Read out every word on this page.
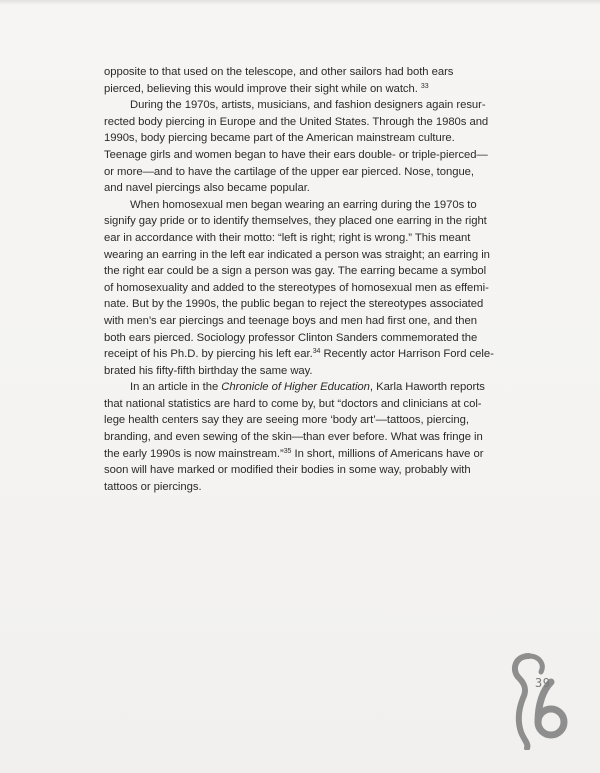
opposite to that used on the telescope, and other sailors had both ears
pierced, believing this would improve their sight while on watch. $^{33}$

During the 1970s, artists, musicians, and fashion designers again resur-
rected body piercing in Europe and the United States. Through the 1980s and
1990s, body piercing became part of the American mainstream culture.
Teenage girls and women began to have their ears double- or triple-pierced—
or more—and to have the cartilage of the upper ear pierced. Nose, tongue,
and navel piercings also became popular.

When homosexual men began wearing an earring during the 1970s to
signify gay pride or to identify themselves, they placed one earring in the right
ear in accordance with their motto: “left is right; right is wrong.” This meant
wearing an earring in the left ear indicated a person was straight; an earring in
the right ear could be a sign a person was gay. The earring became a symbol
of homosexuality and added to the stereotypes of homosexual men as effemi-
nate. But by the 1990s, the public began to reject the stereotypes associated
with men’s ear piercings and teenage boys and men had first one, and then
both ears pierced. Sociology professor Clinton Sanders commemorated the
receipt of his Ph.D. by piercing his left ear.$^{34}$ Recently actor Harrison Ford cele-
brated his fifty-fifth birthday the same way.

In an article in the Chronicle of Higher Education, Karla Haworth reports
that national statistics are hard to come by, but “doctors and clinicians at col-
lege health centers say they are seeing more ‘body art’—tattoos, piercing,
branding, and even sewing of the skin—than ever before. What was fringe in
the early 1990s is now mainstream.”$^{35}$ In short, millions of Americans have or
soon will have marked or modified their bodies in some way, probably with
tattoos or piercings.

39
